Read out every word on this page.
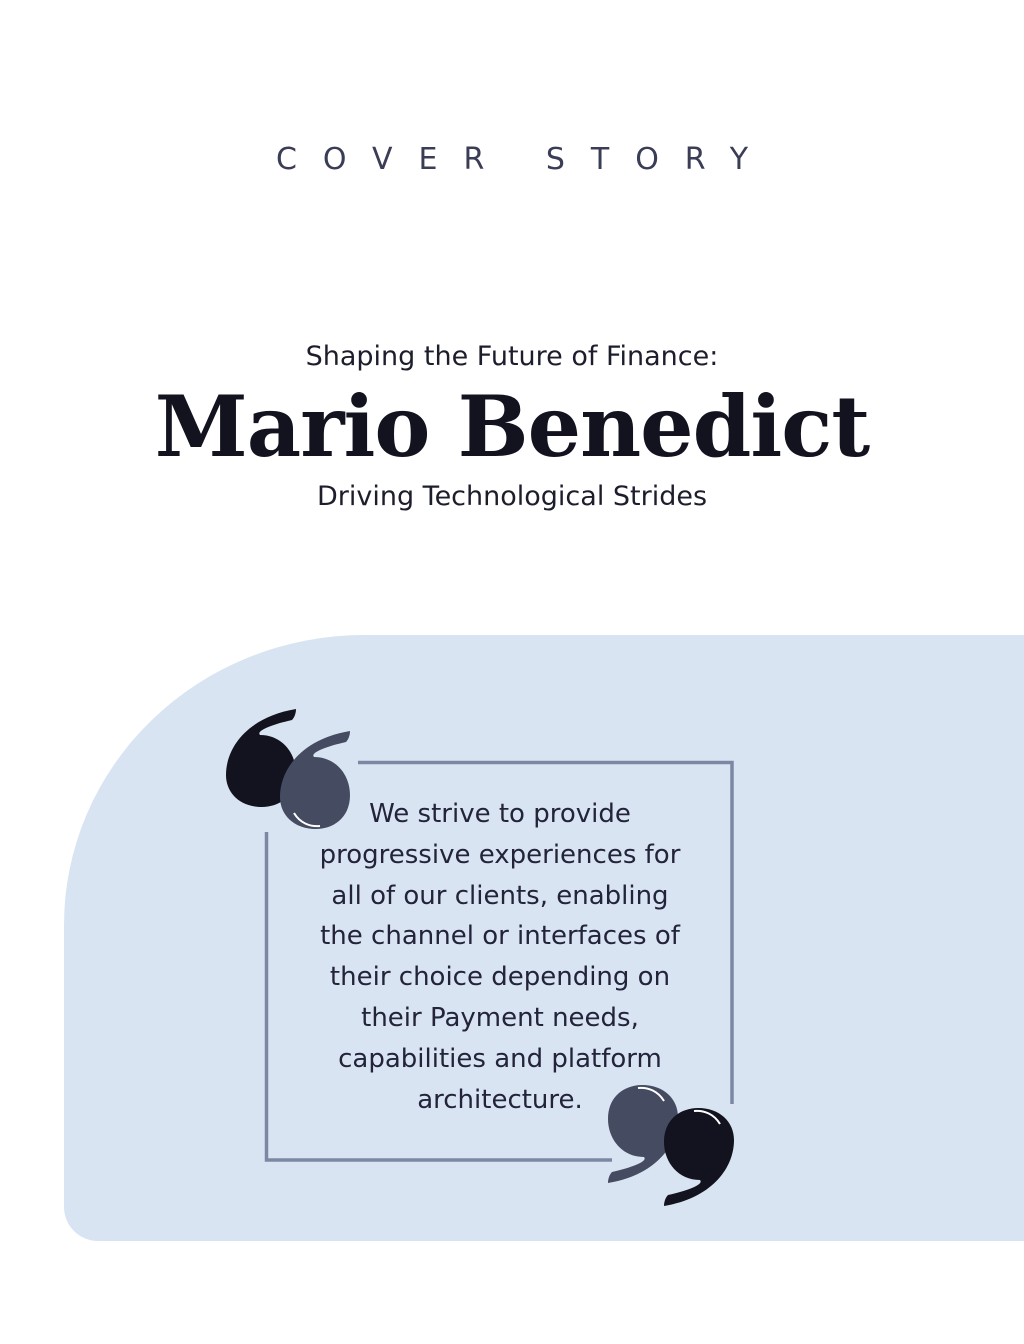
COVER STORY
Shaping the Future of Finance:
Mario Benedict
Driving Technological Strides
We strive to provide
progressive experiences for
all of our clients, enabling
the channel or interfaces of
their choice depending on
their Payment needs,
capabilities and platform
architecture.
